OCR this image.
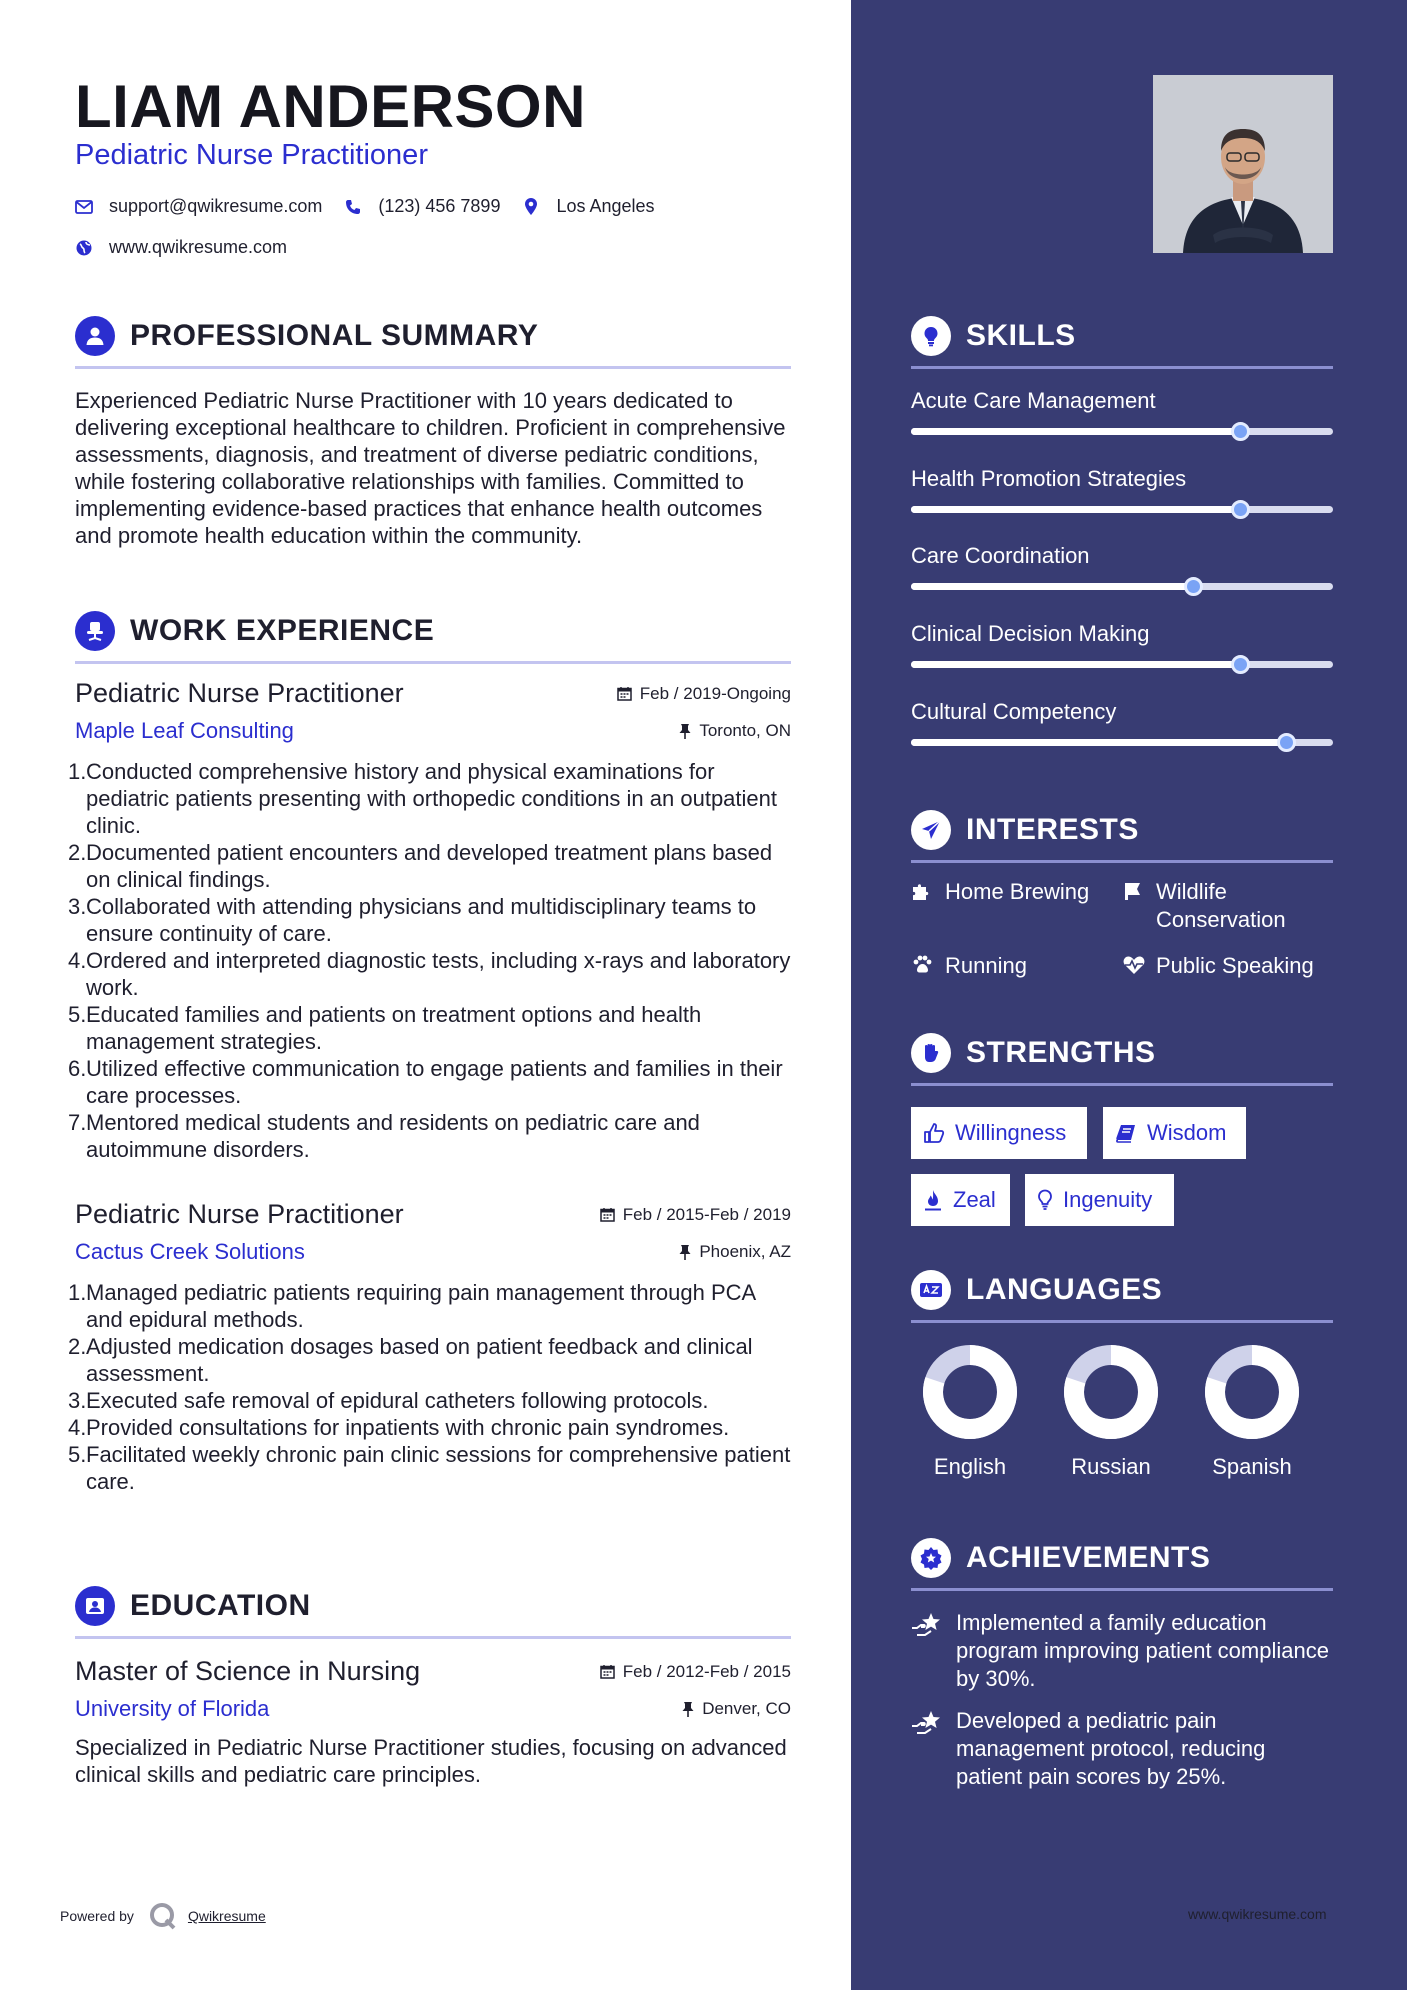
LIAM ANDERSON
Pediatric Nurse Practitioner
support@qwikresume.com	(123) 456 7899	Los Angeles
www.qwikresume.com
PROFESSIONAL SUMMARY
Experienced Pediatric Nurse Practitioner with 10 years dedicated to delivering exceptional healthcare to children. Proficient in comprehensive assessments, diagnosis, and treatment of diverse pediatric conditions, while fostering collaborative relationships with families. Committed to implementing evidence-based practices that enhance health outcomes and promote health education within the community.
WORK EXPERIENCE
Pediatric Nurse Practitioner	Feb / 2019-Ongoing
Maple Leaf Consulting	Toronto, ON
1. Conducted comprehensive history and physical examinations for pediatric patients presenting with orthopedic conditions in an outpatient clinic.
2. Documented patient encounters and developed treatment plans based on clinical findings.
3. Collaborated with attending physicians and multidisciplinary teams to ensure continuity of care.
4. Ordered and interpreted diagnostic tests, including x-rays and laboratory work.
5. Educated families and patients on treatment options and health management strategies.
6. Utilized effective communication to engage patients and families in their care processes.
7. Mentored medical students and residents on pediatric care and autoimmune disorders.
Pediatric Nurse Practitioner	Feb / 2015-Feb / 2019
Cactus Creek Solutions	Phoenix, AZ
1. Managed pediatric patients requiring pain management through PCA and epidural methods.
2. Adjusted medication dosages based on patient feedback and clinical assessment.
3. Executed safe removal of epidural catheters following protocols.
4. Provided consultations for inpatients with chronic pain syndromes.
5. Facilitated weekly chronic pain clinic sessions for comprehensive patient care.
EDUCATION
Master of Science in Nursing	Feb / 2012-Feb / 2015
University of Florida	Denver, CO
Specialized in Pediatric Nurse Practitioner studies, focusing on advanced clinical skills and pediatric care principles.
Powered by	Qwikresume
SKILLS
Acute Care Management
Health Promotion Strategies
Care Coordination
Clinical Decision Making
Cultural Competency
INTERESTS
Home Brewing	Wildlife Conservation
Running	Public Speaking
STRENGTHS
Willingness	Wisdom
Zeal	Ingenuity
LANGUAGES
English	Russian	Spanish
ACHIEVEMENTS
Implemented a family education program improving patient compliance by 30%.
Developed a pediatric pain management protocol, reducing patient pain scores by 25%.
www.qwikresume.com
